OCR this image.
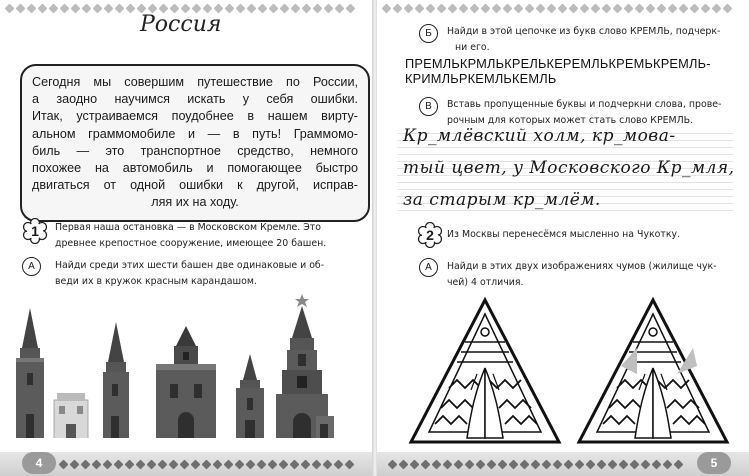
Россия
Сегодня мы совершим путешествие по России,
а заодно научимся искать у себя ошибки.
Итак, устраиваемся поудобнее в нашем вирту-
альном граммомобиле и — в путь! Граммомо-
биль — это транспортное средство, немного
похожее на автомобиль и помогающее быстро
двигаться от одной ошибки к другой, исправ-
ляя их на ходу.
1	Первая наша остановка — в Московском Кремле. Это
древнее крепостное сооружение, имеющее 20 башен.
А	Найди среди этих шести башен две одинаковые и об-
веди их в кружок красным карандашом.
4
Б	Найди в этой цепочке из букв слово КРЕМЛЬ, подчерк-
ни его.
ПРЕМЛЬКРМЛЬКРЕЛЬКЕРЕМЛЬКРЕМЬКРЕМЛЬ-
КРИМЛЬРКЕМЛЬКЕМЛЬ
В	Вставь пропущенные буквы и подчеркни слова, прове-
рочным для которых может стать слово КРЕМЛЬ.
Кр_млёвский холм, кр_мова-
тый цвет, у Московского Кр_мля,
за старым кр_млём.
2	Из Москвы перенесёмся мысленно на Чукотку.
А	Найди в этих двух изображениях чумов (жилище чук-
чей) 4 отличия.
5
